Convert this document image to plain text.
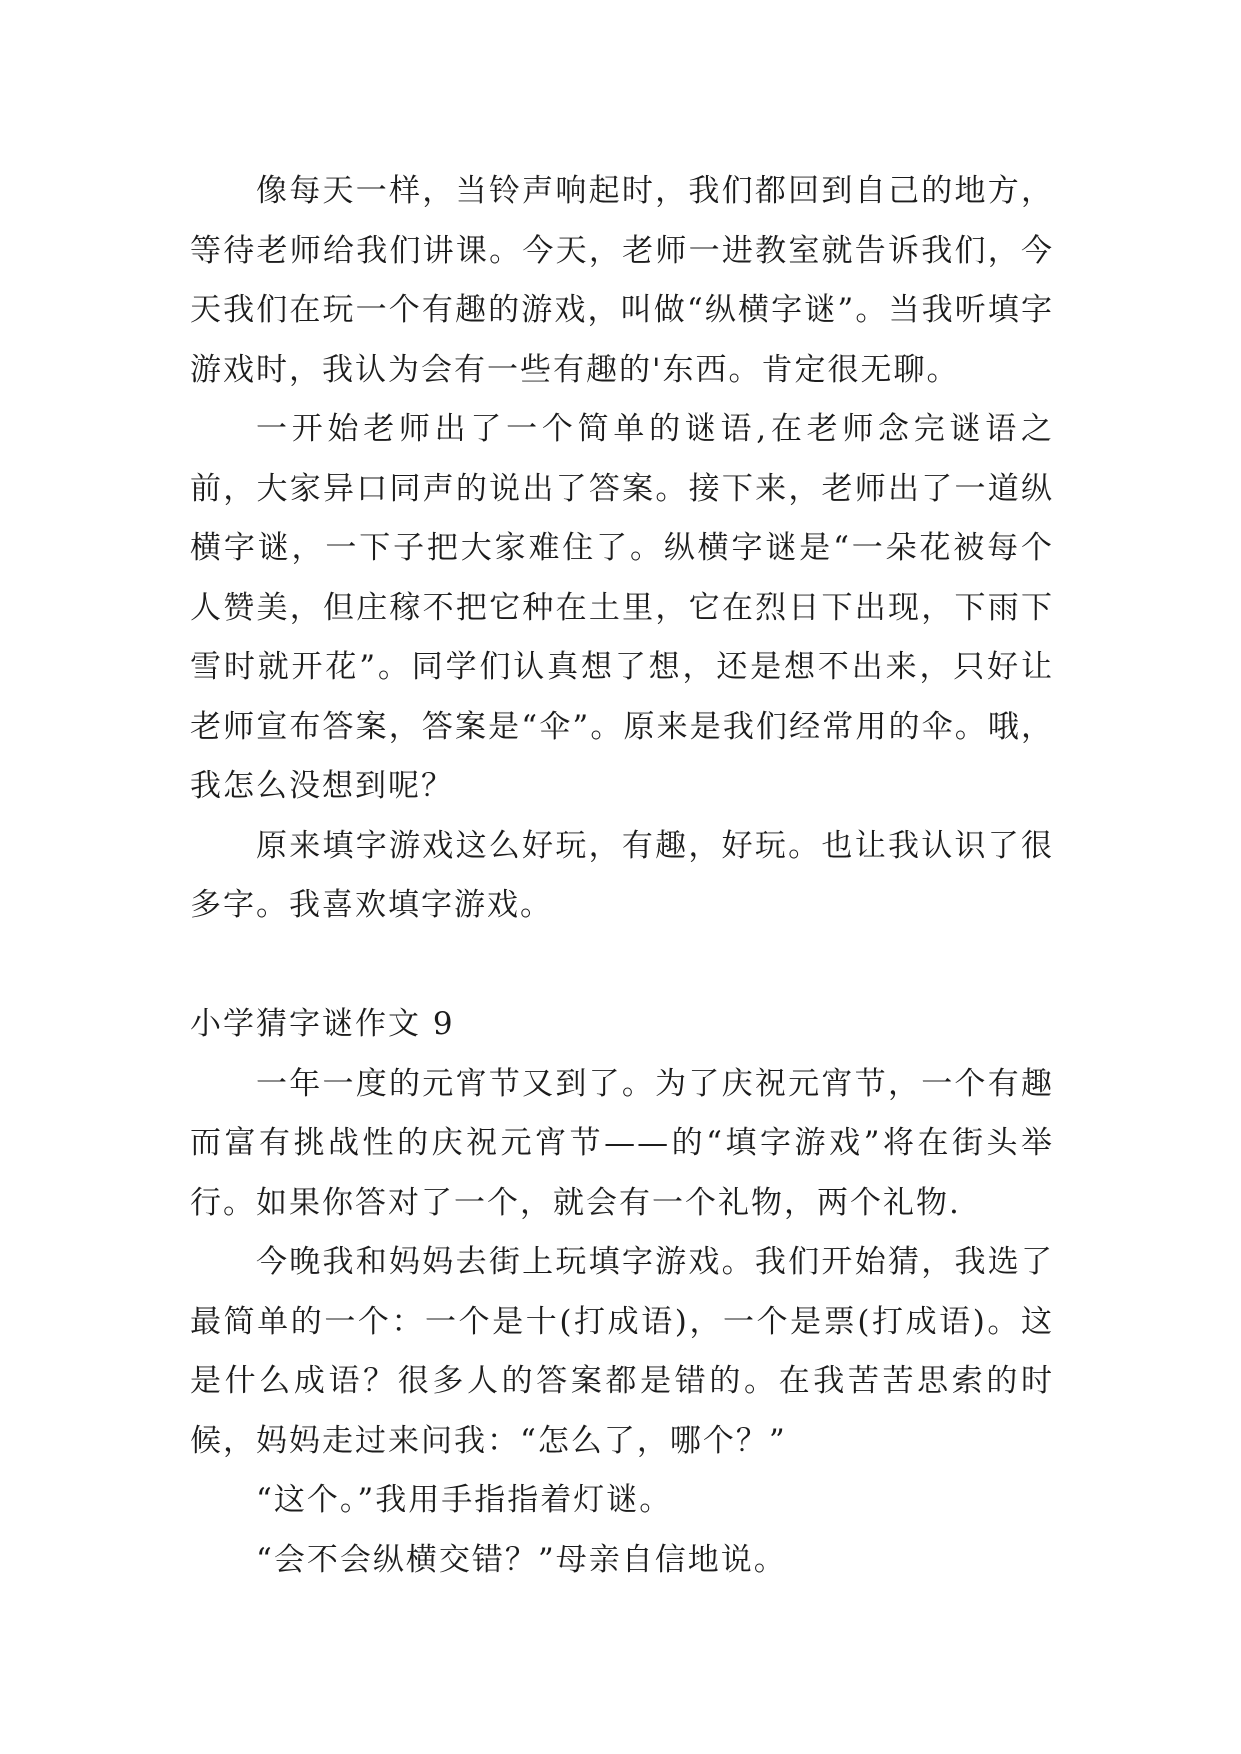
像每天一样，当铃声响起时，我们都回到自己的地方，等待老师给我们讲课。今天，老师一进教室就告诉我们，今天我们在玩一个有趣的游戏，叫做“纵横字谜”。当我听填字游戏时，我认为会有一些有趣的'东西。肯定很无聊。

一开始老师出了一个简单的谜语,在老师念完谜语之前，大家异口同声的说出了答案。接下来，老师出了一道纵横字谜，一下子把大家难住了。纵横字谜是“一朵花被每个人赞美，但庄稼不把它种在土里，它在烈日下出现，下雨下雪时就开花”。同学们认真想了想，还是想不出来，只好让老师宣布答案，答案是“伞”。原来是我们经常用的伞。哦，我怎么没想到呢？

原来填字游戏这么好玩，有趣，好玩。也让我认识了很多字。我喜欢填字游戏。

小学猜字谜作文 9

一年一度的元宵节又到了。为了庆祝元宵节，一个有趣而富有挑战性的庆祝元宵节——的“填字游戏”将在街头举行。如果你答对了一个，就会有一个礼物，两个礼物.

今晚我和妈妈去街上玩填字游戏。我们开始猜，我选了最简单的一个：一个是十(打成语)，一个是票(打成语)。这是什么成语？很多人的答案都是错的。在我苦苦思索的时候，妈妈走过来问我：“怎么了，哪个？”

“这个。”我用手指指着灯谜。

“会不会纵横交错？”母亲自信地说。
